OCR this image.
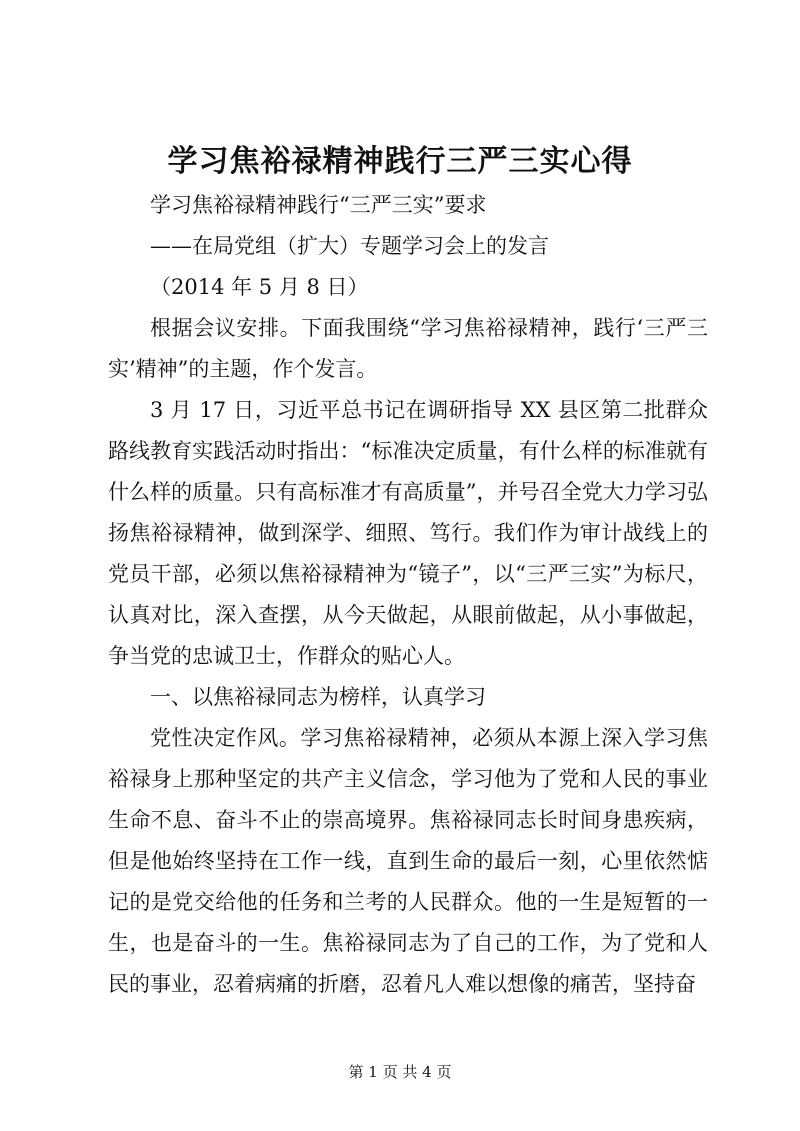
学习焦裕禄精神践行三严三实心得

学习焦裕禄精神践行“三严三实”要求

——在局党组（扩大）专题学习会上的发言

（2014 年 5 月 8 日）

根据会议安排。下面我围绕“学习焦裕禄精神，践行‘三严三实’精神”的主题，作个发言。

3 月 17 日，习近平总书记在调研指导 XX 县区第二批群众路线教育实践活动时指出：“标准决定质量，有什么样的标准就有什么样的质量。只有高标准才有高质量”，并号召全党大力学习弘扬焦裕禄精神，做到深学、细照、笃行。我们作为审计战线上的党员干部，必须以焦裕禄精神为“镜子”，以“三严三实”为标尺，认真对比，深入查摆，从今天做起，从眼前做起，从小事做起，争当党的忠诚卫士，作群众的贴心人。

一、以焦裕禄同志为榜样，认真学习

党性决定作风。学习焦裕禄精神，必须从本源上深入学习焦裕禄身上那种坚定的共产主义信念，学习他为了党和人民的事业生命不息、奋斗不止的崇高境界。焦裕禄同志长时间身患疾病，但是他始终坚持在工作一线，直到生命的最后一刻，心里依然惦记的是党交给他的任务和兰考的人民群众。他的一生是短暂的一生，也是奋斗的一生。焦裕禄同志为了自己的工作，为了党和人民的事业，忍着病痛的折磨，忍着凡人难以想像的痛苦，坚持奋

第 1 页 共 4 页
